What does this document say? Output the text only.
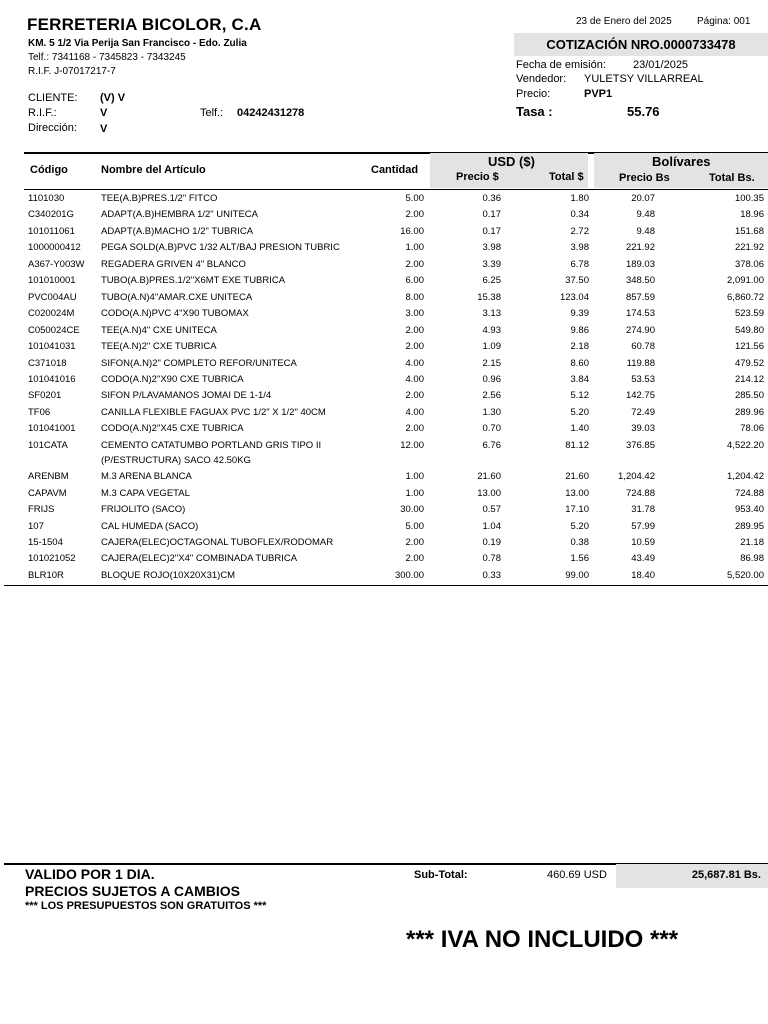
FERRETERIA BICOLOR, C.A
KM. 5 1/2 Via Perija San Francisco - Edo. Zulia
Telf.: 7341168 - 7345823 - 7343245
R.I.F. J-07017217-7
23 de Enero del 2025	Página: 001
COTIZACIÓN NRO.0000733478
Fecha de emisión: 23/01/2025
Vendedor: YULETSY VILLARREAL
Precio:	PVP1
Tasa :	55.76
CLIENTE: (V) V
R.I.F.:	V	Telf.: 04242431278
Dirección: V
Código	Nombre del Artículo	Cantidad
USD ($)
Precio $	Total $
Bolívares
Precio Bs	Total Bs.
1101030	TEE(A.B)PRES.1/2" FITCO	5.00	0.36	1.80	20.07	100.35
C340201G	ADAPT(A.B)HEMBRA 1/2" UNITECA	2.00	0.17	0.34	9.48	18.96
101011061	ADAPT(A.B)MACHO 1/2" TUBRICA	16.00	0.17	2.72	9.48	151.68
1000000412 PEGA SOLD(A.B)PVC 1/32 ALT/BAJ PRESION TUBRIC	1.00	3.98	3.98	221.92	221.92
A367-Y003W REGADERA GRIVEN 4" BLANCO	2.00	3.39	6.78	189.03	378.06
101010001	TUBO(A.B)PRES.1/2"X6MT EXE TUBRICA	6.00	6.25	37.50	348.50	2,091.00
PVC004AU	TUBO(A.N)4"AMAR.CXE UNITECA	8.00	15.38	123.04	857.59	6,860.72
C020024M	CODO(A.N)PVC 4"X90 TUBOMAX	3.00	3.13	9.39	174.53	523.59
C050024CE TEE(A.N)4" CXE UNITECA	2.00	4.93	9.86	274.90	549.80
101041031	TEE(A.N)2" CXE TUBRICA	2.00	1.09	2.18	60.78	121.56
C371018	SIFON(A.N)2" COMPLETO REFOR/UNITECA	4.00	2.15	8.60	119.88	479.52
101041016	CODO(A.N)2"X90 CXE TUBRICA	4.00	0.96	3.84	53.53	214.12
SF0201	SIFON P/LAVAMANOS JOMAI DE 1-1/4	2.00	2.56	5.12	142.75	285.50
TF06	CANILLA FLEXIBLE FAGUAX PVC 1/2" X 1/2" 40CM	4.00	1.30	5.20	72.49	289.96
101041001	CODO(A.N)2"X45 CXE TUBRICA	2.00	0.70	1.40	39.03	78.06
101CATA	CEMENTO CATATUMBO PORTLAND GRIS TIPO II	12.00	6.76	81.12	376.85	4,522.20
(P/ESTRUCTURA) SACO 42.50KG
ARENBM	M.3 ARENA BLANCA	1.00	21.60	21.60	1,204.42	1,204.42
CAPAVM	M.3 CAPA VEGETAL	1.00	13.00	13.00	724.88	724.88
FRIJS	FRIJOLITO (SACO)	30.00	0.57	17.10	31.78	953.40
107	CAL HUMEDA (SACO)	5.00	1.04	5.20	57.99	289.95
15-1504	CAJERA(ELEC)OCTAGONAL TUBOFLEX/RODOMAR	2.00	0.19	0.38	10.59	21.18
101021052	CAJERA(ELEC)2"X4" COMBINADA TUBRICA	2.00	0.78	1.56	43.49	86.98
BLR10R	BLOQUE ROJO(10X20X31)CM	300.00	0.33	99.00	18.40	5,520.00
VALIDO POR 1 DIA.
PRECIOS SUJETOS A CAMBIOS
*** LOS PRESUPUESTOS SON GRATUITOS ***
Sub-Total:	460.69 USD	25,687.81 Bs.
*** IVA NO INCLUIDO ***
